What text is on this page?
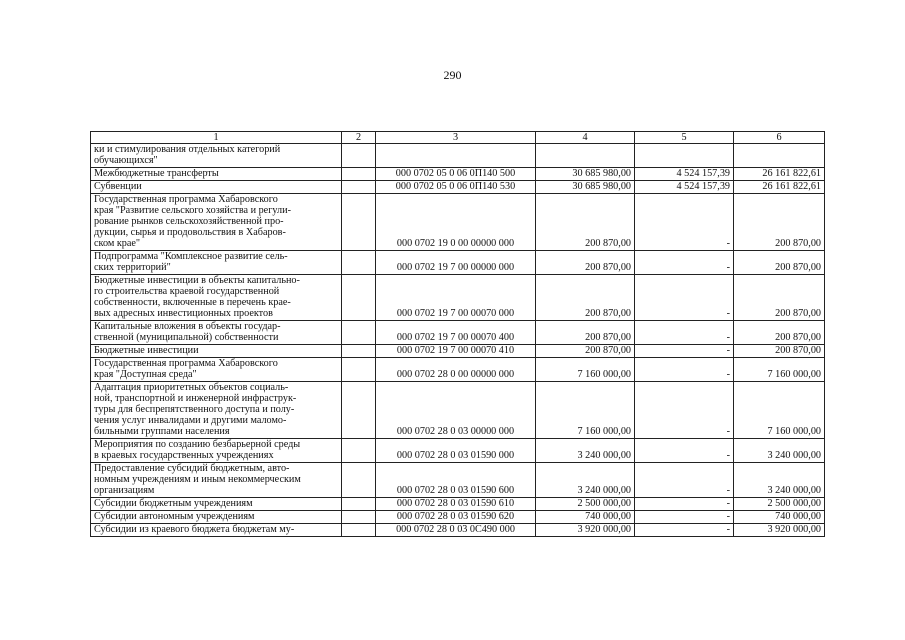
290
1	2	3	4	5	6

ки и стимулирования отдельных категорий
обучающихся"					

Межбюджетные трансферты		000 0702 05 0 06 0П140 500	30 685 980,00	4 524 157,39	26 161 822,61

Субвенции		000 0702 05 0 06 0П140 530	30 685 980,00	4 524 157,39	26 161 822,61

Государственная программа Хабаровского
края "Развитие сельского хозяйства и регули-
рование рынков сельскохозяйственной про-
дукции, сырья и продовольствия в Хабаров-
ском крае"		000 0702 19 0 00 00000 000	200 870,00	-	200 870,00

Подпрограмма "Комплексное развитие сель-
ских территорий"		000 0702 19 7 00 00000 000	200 870,00	-	200 870,00

Бюджетные инвестиции в объекты капитально-
го строительства краевой государственной
собственности, включенные в перечень крае-
вых адресных инвестиционных проектов		000 0702 19 7 00 00070 000	200 870,00	-	200 870,00

Капитальные вложения в объекты государ-
ственной (муниципальной) собственности		000 0702 19 7 00 00070 400	200 870,00	-	200 870,00

Бюджетные инвестиции		000 0702 19 7 00 00070 410	200 870,00	-	200 870,00

Государственная программа Хабаровского
края "Доступная среда"		000 0702 28 0 00 00000 000	7 160 000,00	-	7 160 000,00

Адаптация приоритетных объектов социаль-
ной, транспортной и инженерной инфраструк-
туры для беспрепятственного доступа и полу-
чения услуг инвалидами и другими маломо-
бильными группами населения		000 0702 28 0 03 00000 000	7 160 000,00	-	7 160 000,00

Мероприятия по созданию безбарьерной среды
в краевых государственных учреждениях		000 0702 28 0 03 01590 000	3 240 000,00	-	3 240 000,00

Предоставление субсидий бюджетным, авто-
номным учреждениям и иным некоммерческим
организациям		000 0702 28 0 03 01590 600	3 240 000,00	-	3 240 000,00

Субсидии бюджетным учреждениям		000 0702 28 0 03 01590 610	2 500 000,00	-	2 500 000,00

Субсидии автономным учреждениям		000 0702 28 0 03 01590 620	740 000,00	-	740 000,00

Субсидии из краевого бюджета бюджетам му-		000 0702 28 0 03 0С490 000	3 920 000,00	-	3 920 000,00
